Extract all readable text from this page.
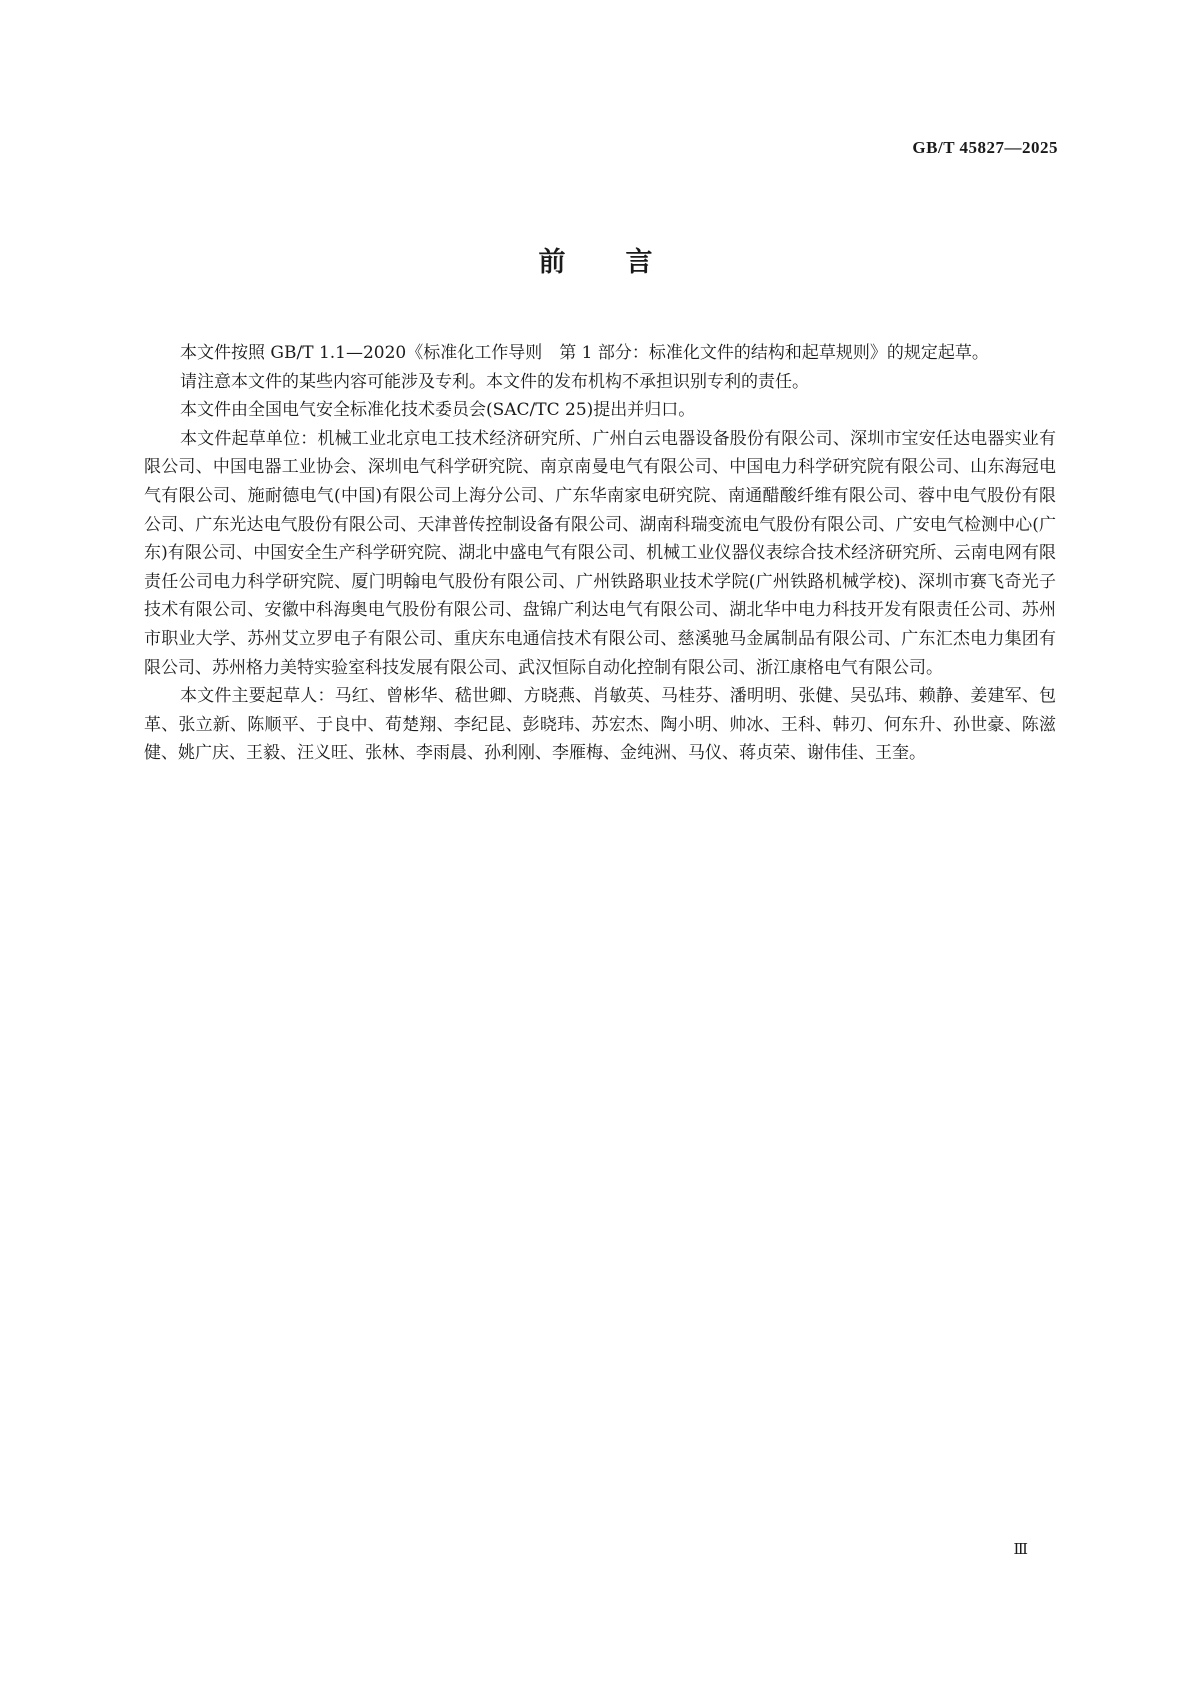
GB/T 45827—2025
前言

本文件按照 GB/T 1.1—2020《标准化工作导则　第 1 部分：标准化文件的结构和起草规则》的规定起草。

请注意本文件的某些内容可能涉及专利。本文件的发布机构不承担识别专利的责任。

本文件由全国电气安全标准化技术委员会(SAC/TC 25)提出并归口。

本文件起草单位：机械工业北京电工技术经济研究所、广州白云电器设备股份有限公司、深圳市宝安任达电器实业有限公司、中国电器工业协会、深圳电气科学研究院、南京南曼电气有限公司、中国电力科学研究院有限公司、山东海冠电气有限公司、施耐德电气(中国)有限公司上海分公司、广东华南家电研究院、南通醋酸纤维有限公司、蓉中电气股份有限公司、广东光达电气股份有限公司、天津普传控制设备有限公司、湖南科瑞变流电气股份有限公司、广安电气检测中心(广东)有限公司、中国安全生产科学研究院、湖北中盛电气有限公司、机械工业仪器仪表综合技术经济研究所、云南电网有限责任公司电力科学研究院、厦门明翰电气股份有限公司、广州铁路职业技术学院(广州铁路机械学校)、深圳市赛飞奇光子技术有限公司、安徽中科海奥电气股份有限公司、盘锦广利达电气有限公司、湖北华中电力科技开发有限责任公司、苏州市职业大学、苏州艾立罗电子有限公司、重庆东电通信技术有限公司、慈溪驰马金属制品有限公司、广东汇杰电力集团有限公司、苏州格力美特实验室科技发展有限公司、武汉恒际自动化控制有限公司、浙江康格电气有限公司。

本文件主要起草人：马红、曾彬华、嵇世卿、方晓燕、肖敏英、马桂芬、潘明明、张健、吴弘玮、赖静、姜建军、包革、张立新、陈顺平、于良中、荀楚翔、李纪昆、彭晓玮、苏宏杰、陶小明、帅冰、王科、韩刃、何东升、孙世豪、陈滋健、姚广庆、王毅、汪义旺、张林、李雨晨、孙利刚、李雁梅、金纯洲、马仪、蒋贞荣、谢伟佳、王奎。

Ⅲ
